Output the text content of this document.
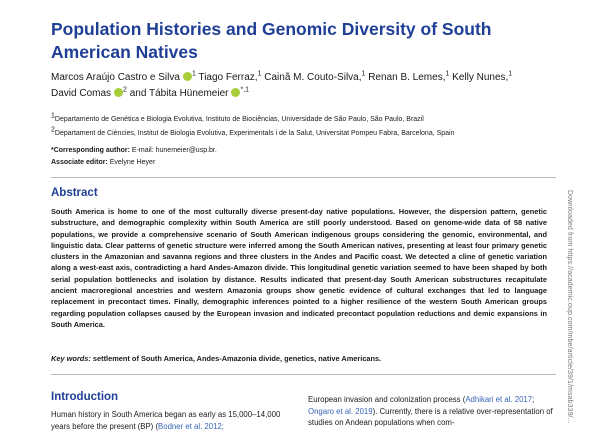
Population Histories and Genomic Diversity of South American Natives
Marcos Araújo Castro e Silva $^1$ Tiago Ferraz,$^1$ Cainã M. Couto-Silva,$^1$ Renan B. Lemes,$^1$ Kelly Nunes,$^1$
David Comas $^2$ and Tábita Hünemeier $^{*,1}$
1Departamento de Genética e Biologia Evolutiva, Instituto de Biociências, Universidade de São Paulo, São Paulo, Brazil
2Departament de Ciències, Institut de Biologia Evolutiva, Experimentals i de la Salut, Universitat Pompeu Fabra, Barcelona, Spain
*Corresponding author: E-mail: hunemeier@usp.br.
Associate editor: Evelyne Heyer
Abstract
South America is home to one of the most culturally diverse present-day native populations. However, the dispersion pattern, genetic substructure, and demographic complexity within South America are still poorly understood. Based on genome-wide data of 58 native populations, we provide a comprehensive scenario of South American indigenous groups considering the genomic, environmental, and linguistic data. Clear patterns of genetic structure were inferred among the South American natives, presenting at least four primary genetic clusters in the Amazonian and savanna regions and three clusters in the Andes and Pacific coast. We detected a cline of genetic variation along a west-east axis, contradicting a hard Andes-Amazon divide. This longitudinal genetic variation seemed to have been shaped by both serial population bottlenecks and isolation by distance. Results indicated that present-day South American substructures recapitulate ancient macroregional ancestries and western Amazonia groups show genetic evidence of cultural exchanges that led to language replacement in precontact times. Finally, demographic inferences pointed to a higher resilience of the western South American groups regarding population collapses caused by the European invasion and indicated precontact population reductions and demic expansions in South America.
Key words: settlement of South America, Andes-Amazonia divide, genetics, native Americans.
Introduction
Human history in South America began as early as 15,000–14,000 years before the present (BP) (Bodner et al. 2012;
European invasion and colonization process (Adhikari et al. 2017; Ongaro et al. 2019). Currently, there is a relative over-representation of studies on Andean populations when com-	Downloaded from https://academic.oup.com/mbe/article/39/1/msab339/...
